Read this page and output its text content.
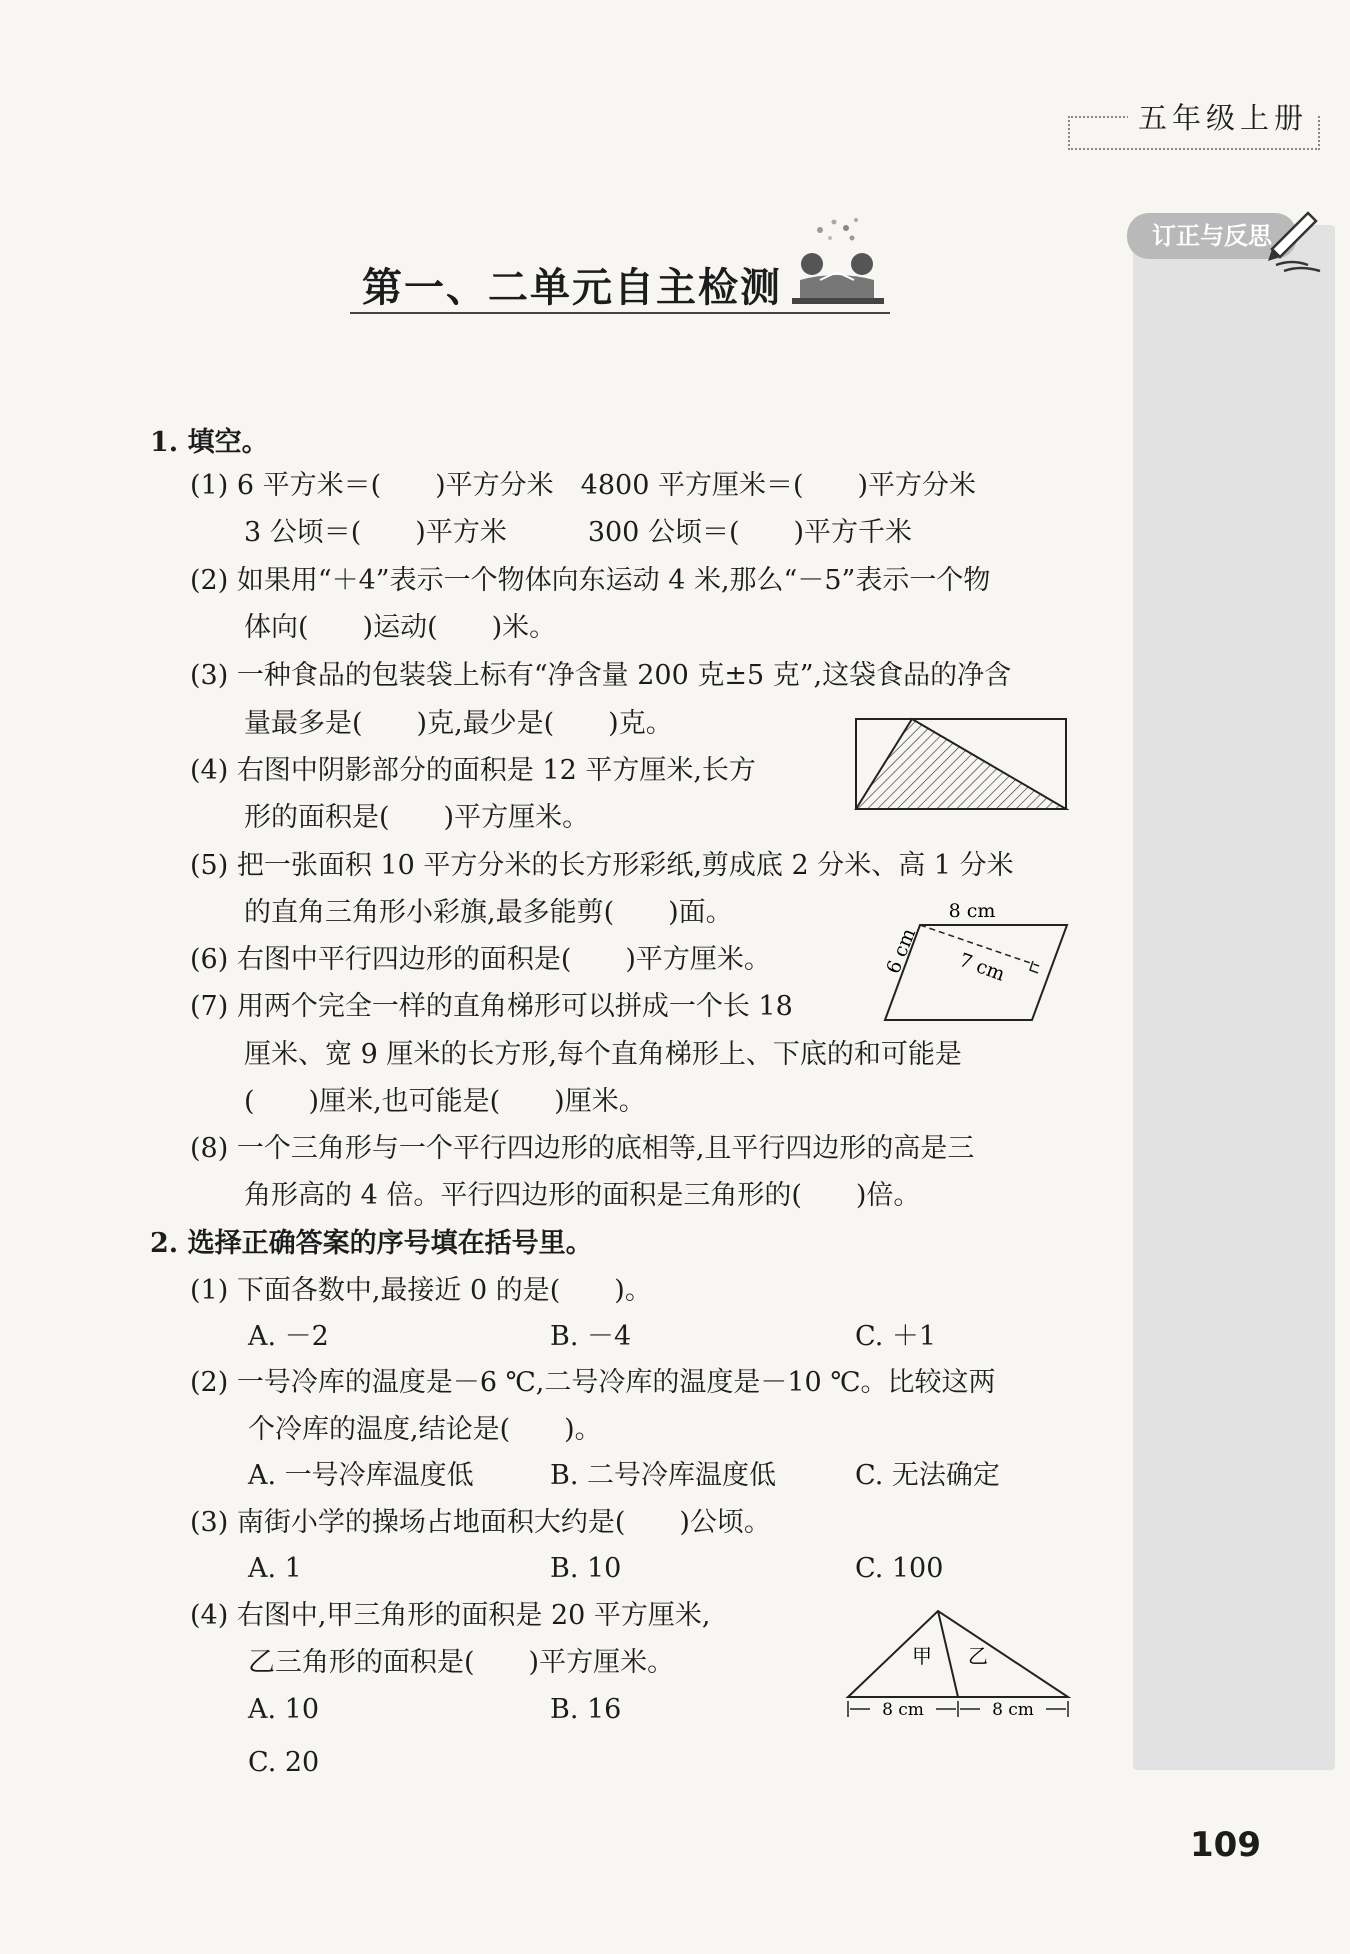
五年级上册
订正与反思
第一、二单元自主检测
1. 填空。
(1) 6 平方米＝(　　)平方分米　4800 平方厘米＝(　　)平方分米
3 公顷＝(　　)平方米　　　300 公顷＝(　　)平方千米
(2) 如果用“＋4”表示一个物体向东运动 4 米,那么“－5”表示一个物
体向(　　)运动(　　)米。
(3) 一种食品的包装袋上标有“净含量 200 克±5 克”,这袋食品的净含
量最多是(　　)克,最少是(　　)克。
(4) 右图中阴影部分的面积是 12 平方厘米,长方
形的面积是(　　)平方厘米。
(5) 把一张面积 10 平方分米的长方形彩纸,剪成底 2 分米、高 1 分米
的直角三角形小彩旗,最多能剪(　　)面。
(6) 右图中平行四边形的面积是(　　)平方厘米。
(7) 用两个完全一样的直角梯形可以拼成一个长 18
厘米、宽 9 厘米的长方形,每个直角梯形上、下底的和可能是
(　　)厘米,也可能是(　　)厘米。
(8) 一个三角形与一个平行四边形的底相等,且平行四边形的高是三
角形高的 4 倍。平行四边形的面积是三角形的(　　)倍。
2. 选择正确答案的序号填在括号里。
(1) 下面各数中,最接近 0 的是(　　)。
A. －2	B. －4	C. ＋1
(2) 一号冷库的温度是－6 ℃,二号冷库的温度是－10 ℃。比较这两
个冷库的温度,结论是(　　)。
A. 一号冷库温度低	B. 二号冷库温度低	C. 无法确定
(3) 南街小学的操场占地面积大约是(　　)公顷。
A. 1	B. 10	C. 100
(4) 右图中,甲三角形的面积是 20 平方厘米,
乙三角形的面积是(　　)平方厘米。
A. 10	B. 16
C. 20
8 cm
6 cm 7 cm
甲 乙
8 cm	8 cm
109
